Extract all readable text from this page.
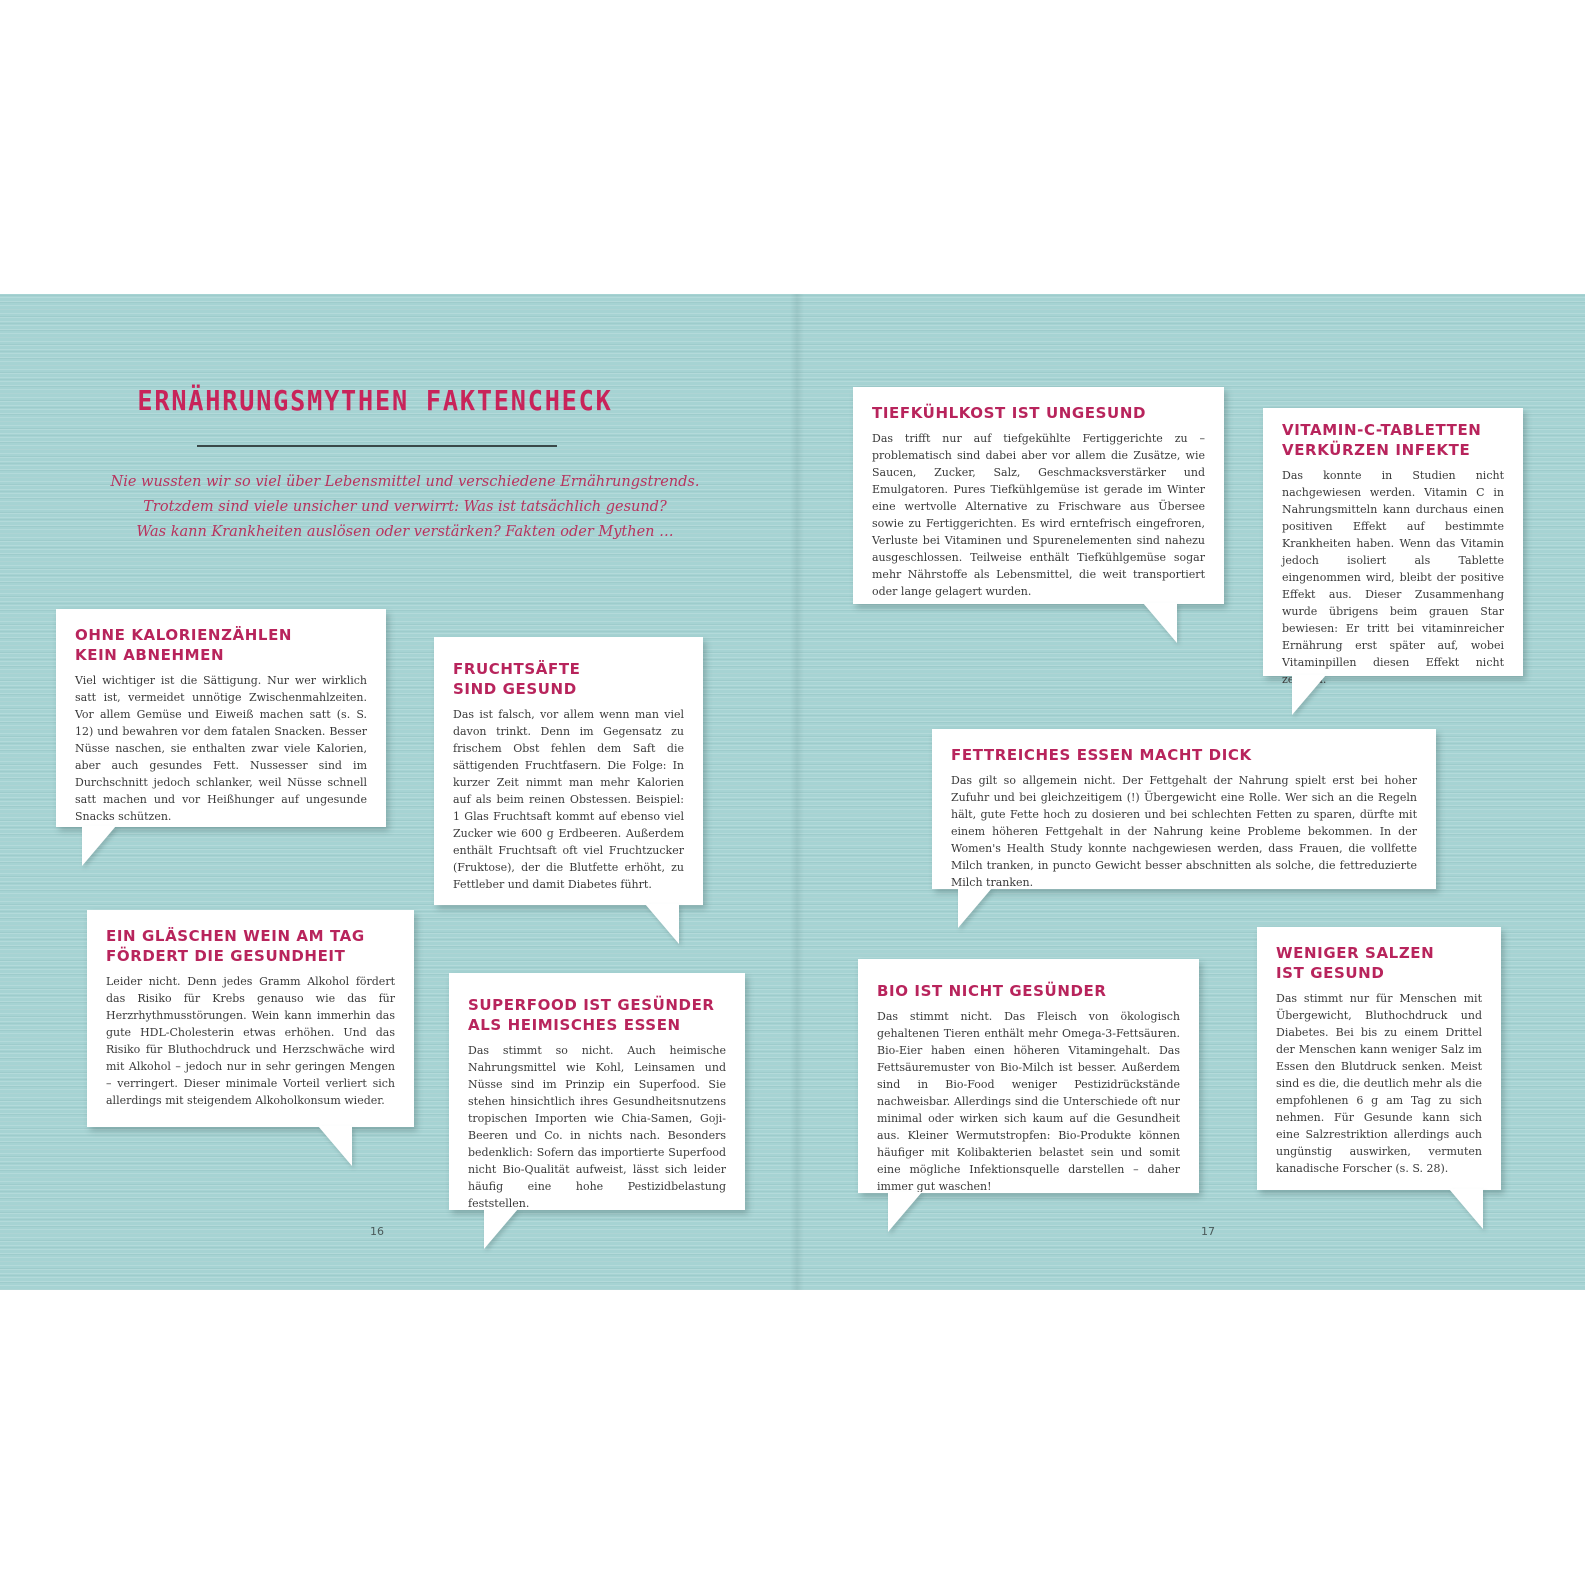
ERNÄHRUNGSMYTHEN FAKTENCHECK

Nie wussten wir so viel über Lebensmittel und verschiedene Ernährungstrends.
Trotzdem sind viele unsicher und verwirrt: Was ist tatsächlich gesund?
Was kann Krankheiten auslösen oder verstärken? Fakten oder Mythen …

OHNE KALORIENZÄHLEN
KEIN ABNEHMEN

Viel wichtiger ist die Sättigung. Nur wer wirklich satt ist, vermeidet unnötige Zwischenmahlzeiten. Vor allem Gemüse und Eiweiß machen satt (s. S. 12) und bewahren vor dem fatalen Snacken. Besser Nüsse naschen, sie enthalten zwar viele Kalorien, aber auch gesundes Fett. Nussesser sind im Durchschnitt jedoch schlanker, weil Nüsse schnell satt machen und vor Heißhunger auf ungesunde Snacks schützen.

FRUCHTSÄFTE
SIND GESUND

Das ist falsch, vor allem wenn man viel davon trinkt. Denn im Gegensatz zu frischem Obst fehlen dem Saft die sättigenden Fruchtfasern. Die Folge: In kurzer Zeit nimmt man mehr Kalorien auf als beim reinen Obstessen. Beispiel: 1 Glas Fruchtsaft kommt auf ebenso viel Zucker wie 600 g Erdbeeren. Außerdem enthält Fruchtsaft oft viel Fruchtzucker (Fruktose), der die Blutfette erhöht, zu Fettleber und damit Diabetes führt.

EIN GLÄSCHEN WEIN AM TAG
FÖRDERT DIE GESUNDHEIT

Leider nicht. Denn jedes Gramm Alkohol fördert das Risiko für Krebs genauso wie das für Herzrhythmusstörungen. Wein kann immerhin das gute HDL-Cholesterin etwas erhöhen. Und das Risiko für Bluthochdruck und Herzschwäche wird mit Alkohol – jedoch nur in sehr geringen Mengen – verringert. Dieser minimale Vorteil verliert sich allerdings mit steigendem Alkoholkonsum wieder.

SUPERFOOD IST GESÜNDER
ALS HEIMISCHES ESSEN

Das stimmt so nicht. Auch heimische Nahrungsmittel wie Kohl, Leinsamen und Nüsse sind im Prinzip ein Superfood. Sie stehen hinsichtlich ihres Gesundheitsnutzens tropischen Importen wie Chia-Samen, Goji-Beeren und Co. in nichts nach. Besonders bedenklich: Sofern das importierte Superfood nicht Bio-Qualität aufweist, lässt sich leider häufig eine hohe Pestizidbelastung feststellen.

TIEFKÜHLKOST IST UNGESUND

Das trifft nur auf tiefgekühlte Fertiggerichte zu – problematisch sind dabei aber vor allem die Zusätze, wie Saucen, Zucker, Salz, Geschmacksverstärker und Emulgatoren. Pures Tiefkühlgemüse ist gerade im Winter eine wertvolle Alternative zu Frischware aus Übersee sowie zu Fertiggerichten. Es wird erntefrisch eingefroren, Verluste bei Vitaminen und Spurenelementen sind nahezu ausgeschlossen. Teilweise enthält Tiefkühlgemüse sogar mehr Nährstoffe als Lebensmittel, die weit transportiert oder lange gelagert wurden.

VITAMIN-C-TABLETTEN
VERKÜRZEN INFEKTE

Das konnte in Studien nicht nachgewiesen werden. Vitamin C in Nahrungsmitteln kann durchaus einen positiven Effekt auf bestimmte Krankheiten haben. Wenn das Vitamin jedoch isoliert als Tablette eingenommen wird, bleibt der positive Effekt aus. Dieser Zusammenhang wurde übrigens beim grauen Star bewiesen: Er tritt bei vitaminreicher Ernährung erst später auf, wobei Vitaminpillen diesen Effekt nicht zeigten.

FETTREICHES ESSEN MACHT DICK

Das gilt so allgemein nicht. Der Fettgehalt der Nahrung spielt erst bei hoher Zufuhr und bei gleichzeitigem (!) Übergewicht eine Rolle. Wer sich an die Regeln hält, gute Fette hoch zu dosieren und bei schlechten Fetten zu sparen, dürfte mit einem höheren Fettgehalt in der Nahrung keine Probleme bekommen. In der Women's Health Study konnte nachgewiesen werden, dass Frauen, die vollfette Milch tranken, in puncto Gewicht besser abschnitten als solche, die fettreduzierte Milch tranken.

BIO IST NICHT GESÜNDER

Das stimmt nicht. Das Fleisch von ökologisch gehaltenen Tieren enthält mehr Omega-3-Fettsäuren. Bio-Eier haben einen höheren Vitamingehalt. Das Fettsäuremuster von Bio-Milch ist besser. Außerdem sind in Bio-Food weniger Pestizidrückstände nachweisbar. Allerdings sind die Unterschiede oft nur minimal oder wirken sich kaum auf die Gesundheit aus. Kleiner Wermutstropfen: Bio-Produkte können häufiger mit Kolibakterien belastet sein und somit eine mögliche Infektionsquelle darstellen – daher immer gut waschen!

WENIGER SALZEN
IST GESUND

Das stimmt nur für Menschen mit Übergewicht, Bluthochdruck und Diabetes. Bei bis zu einem Drittel der Menschen kann weniger Salz im Essen den Blutdruck senken. Meist sind es die, die deutlich mehr als die empfohlenen 6 g am Tag zu sich nehmen. Für Gesunde kann sich eine Salzrestriktion allerdings auch ungünstig auswirken, vermuten kanadische Forscher (s. S. 28).

16	17
